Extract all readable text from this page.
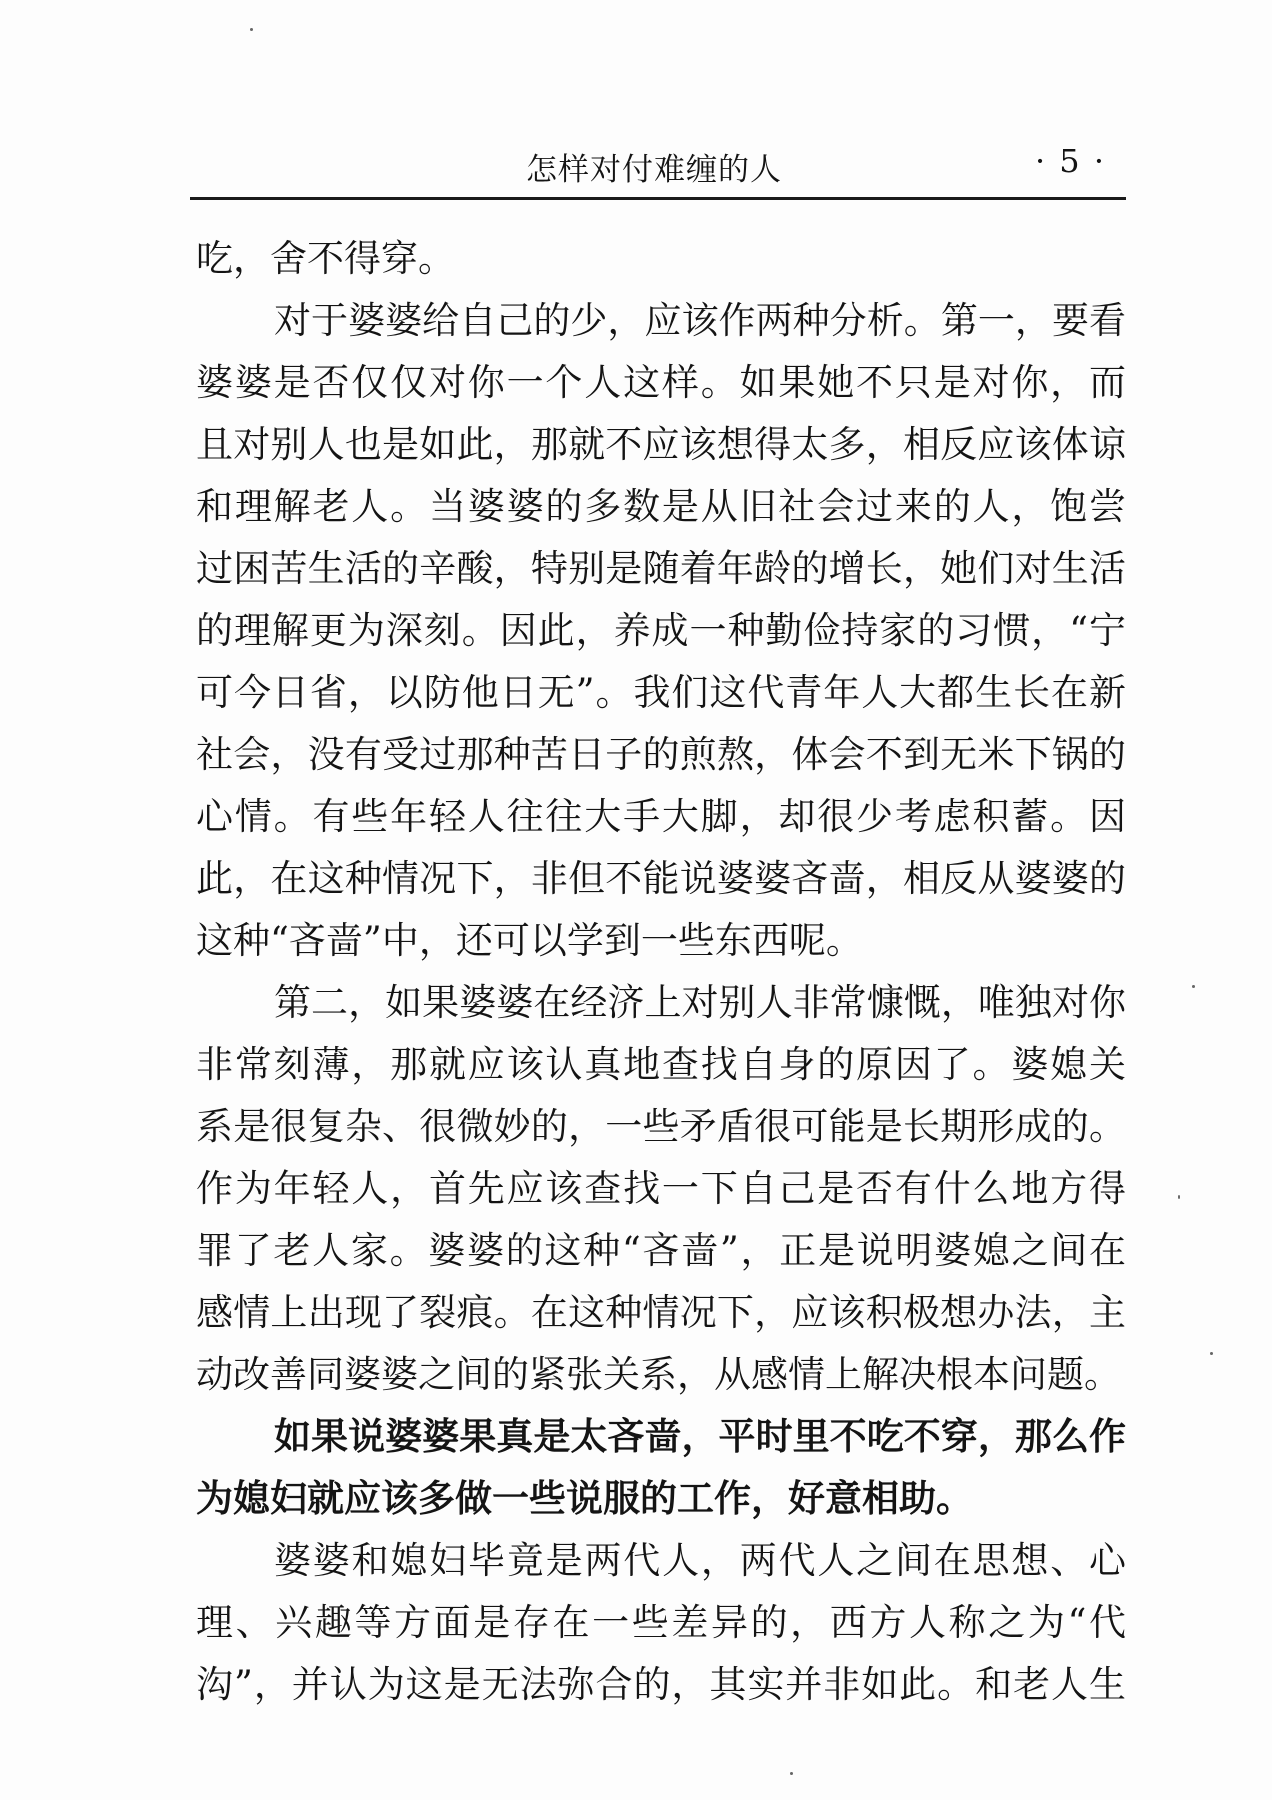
怎样对付难缠的人	· 5 ·
吃，舍不得穿。
对于婆婆给自己的少，应该作两种分析。第一，要看
婆婆是否仅仅对你一个人这样。如果她不只是对你，而
且对别人也是如此，那就不应该想得太多，相反应该体谅
和理解老人。当婆婆的多数是从旧社会过来的人，饱尝
过困苦生活的辛酸，特别是随着年龄的增长，她们对生活
的理解更为深刻。因此，养成一种勤俭持家的习惯，“宁
可今日省，以防他日无”。我们这代青年人大都生长在新
社会，没有受过那种苦日子的煎熬，体会不到无米下锅的
心情。有些年轻人往往大手大脚，却很少考虑积蓄。因
此，在这种情况下，非但不能说婆婆吝啬，相反从婆婆的
这种“吝啬”中，还可以学到一些东西呢。
第二，如果婆婆在经济上对别人非常慷慨，唯独对你
非常刻薄，那就应该认真地查找自身的原因了。婆媳关
系是很复杂、很微妙的，一些矛盾很可能是长期形成的。
作为年轻人，首先应该查找一下自己是否有什么地方得
罪了老人家。婆婆的这种“吝啬”，正是说明婆媳之间在
感情上出现了裂痕。在这种情况下，应该积极想办法，主
动改善同婆婆之间的紧张关系，从感情上解决根本问题。
如果说婆婆果真是太吝啬，平时里不吃不穿，那么作
为媳妇就应该多做一些说服的工作，好意相助。
婆婆和媳妇毕竟是两代人，两代人之间在思想、心
理、兴趣等方面是存在一些差异的，西方人称之为“代
沟”，并认为这是无法弥合的，其实并非如此。和老人生
